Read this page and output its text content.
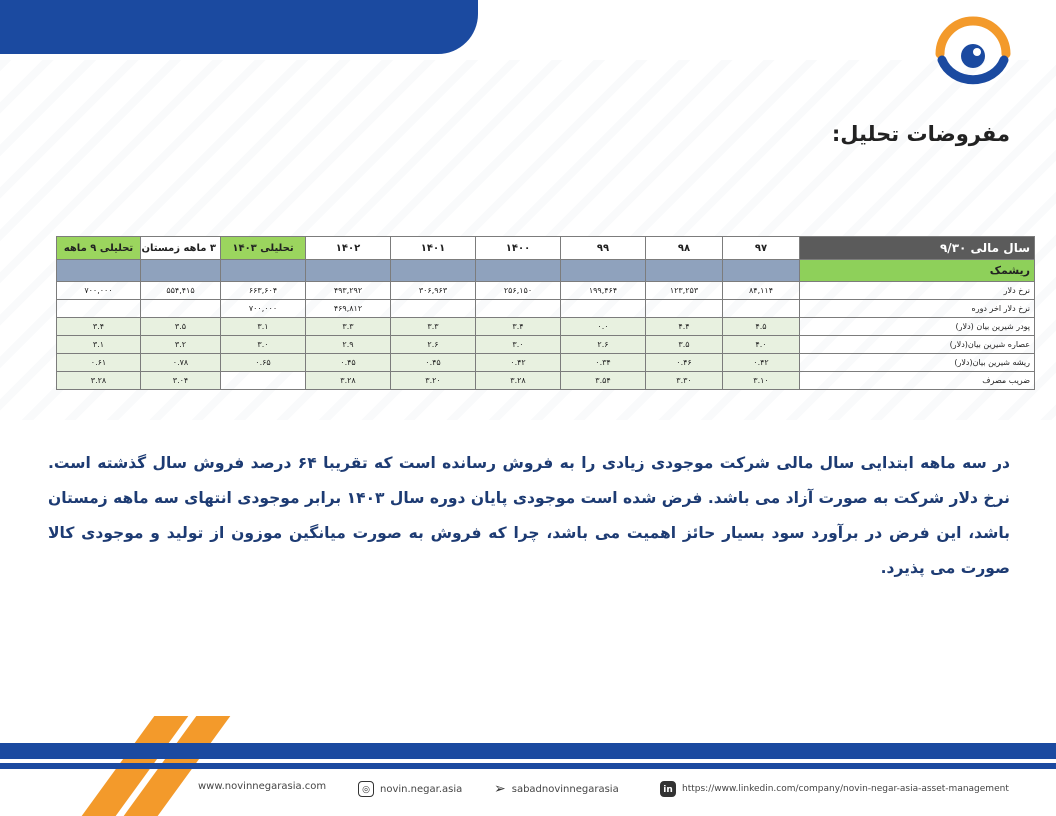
مفروضات تحلیل:
سال مالی ۹/۳۰	۹۷	۹۸	۹۹	۱۴۰۰	۱۴۰۱	۱۴۰۲	تحلیلی ۱۴۰۳	۳ ماهه زمستان	تحلیلی ۹ ماهه
ریشمک									
نرخ دلار	۸۴,۱۱۴	۱۲۳,۲۵۳	۱۹۹,۴۶۴	۲۵۶,۱۵۰	۳۰۶,۹۶۳	۴۹۳,۲۹۲	۶۶۳,۶۰۴	۵۵۴,۴۱۵	۷۰۰,۰۰۰
نرخ دلار اخر دوره						۴۶۹,۸۱۲	۷۰۰,۰۰۰		
پودر شیرین بیان (دلار)	۴.۵	۴.۴	۰.۰	۳.۴	۳.۳	۳.۳	۳.۱	۳.۵	۳.۴
عصاره شیرین بیان(دلار)	۴.۰	۳.۵	۲.۶	۳.۰	۲.۶	۲.۹	۳.۰	۳.۲	۳.۱
ریشه شیرین بیان(دلار)	۰.۴۲	۰.۴۶	۰.۳۴	۰.۴۲	۰.۴۵	۰.۴۵	۰.۶۵	۰.۷۸	۰.۶۱
ضریب مصرف	۳.۱۰	۳.۳۰	۳.۵۴	۳.۲۸	۳.۲۰	۳.۲۸		۳.۰۴	۳.۲۸
در سه ماهه ابتدایی سال مالی شرکت موجودی زیادی را به فروش رسانده است که تقریبا ۶۴ درصد فروش سال گذشته است. نرخ دلار شرکت به صورت آزاد می باشد. فرض شده است موجودی پایان دوره سال ۱۴۰۳ برابر موجودی انتهای سه ماهه زمستان باشد، این فرض در برآورد سود بسیار حائز اهمیت می باشد، چرا که فروش به صورت میانگین موزون از تولید و موجودی کالا صورت می پذیرد.
www.novinnegarasia.com	◎	novin.negar.asia ➢ sabadnovinnegarasia	in	https://www.linkedin.com/company/novin-negar-asia-asset-management
